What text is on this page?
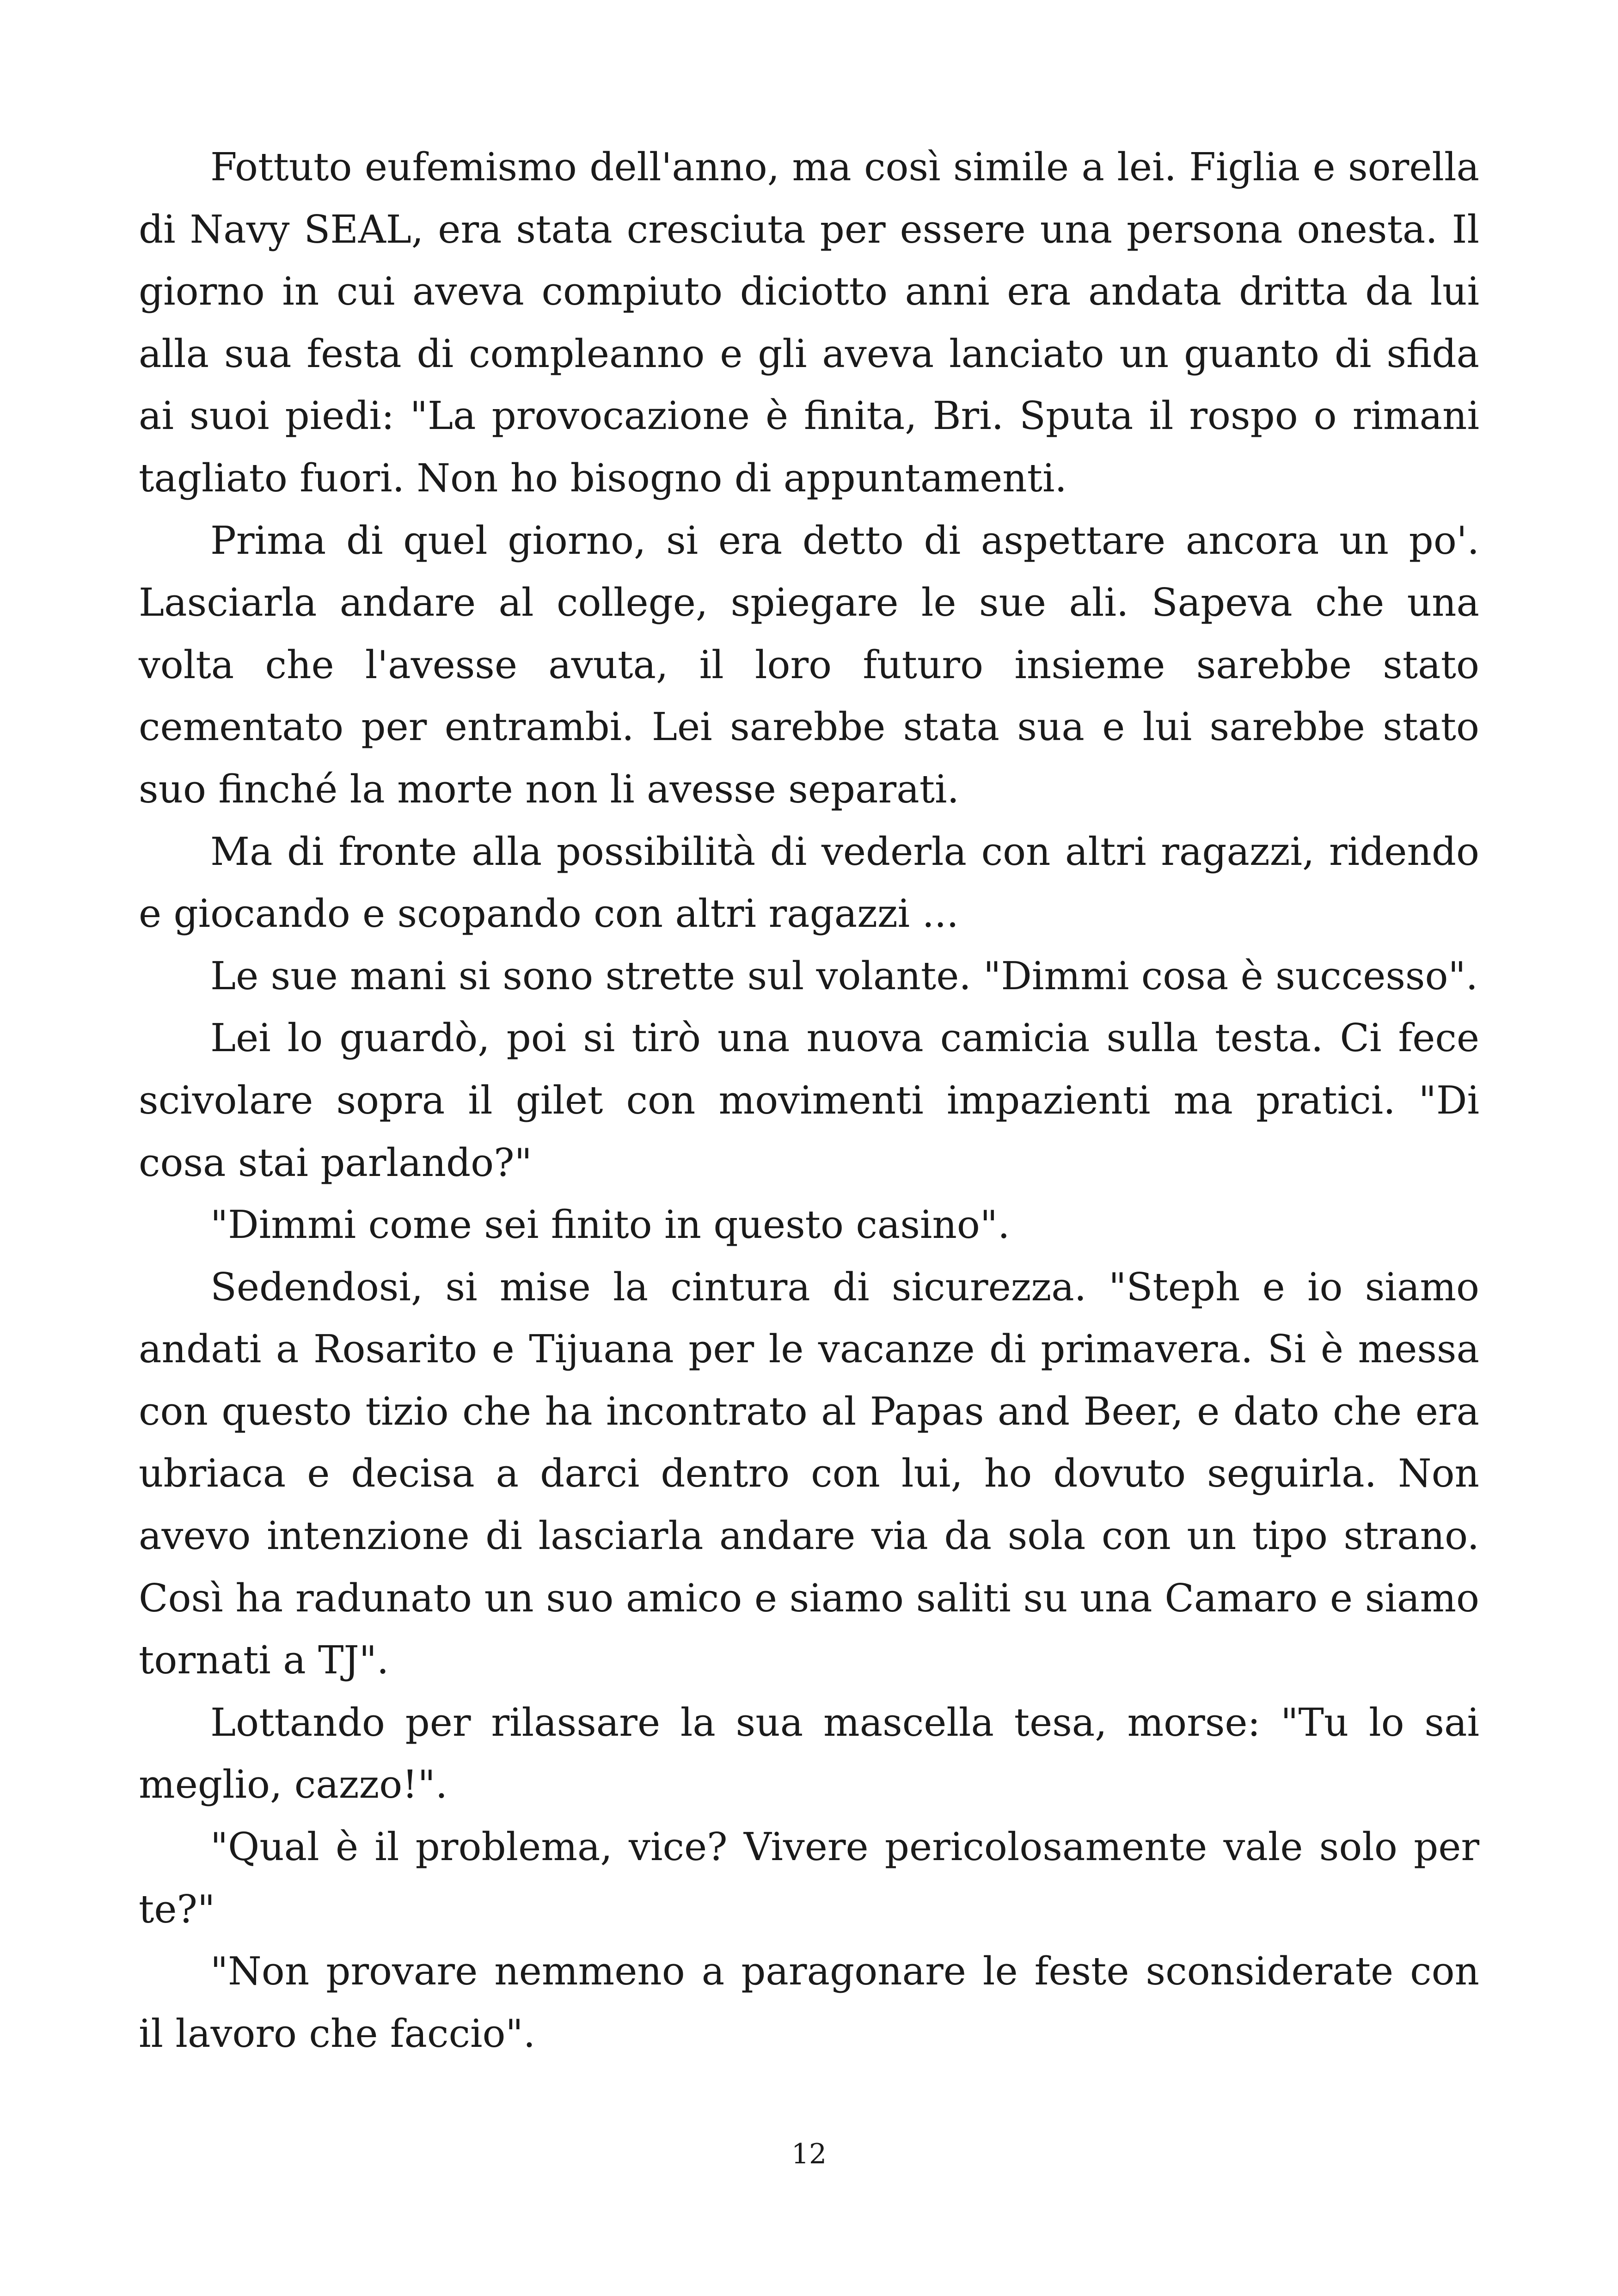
Fottuto eufemismo dell'anno, ma così simile a lei. Figlia e sorella di Navy SEAL, era stata cresciuta per essere una persona onesta. Il giorno in cui aveva compiuto diciotto anni era andata dritta da lui alla sua festa di compleanno e gli aveva lanciato un guanto di sfida ai suoi piedi: "La provocazione è finita, Bri. Sputa il rospo o rimani tagliato fuori. Non ho bisogno di appuntamenti.

Prima di quel giorno, si era detto di aspettare ancora un po'. Lasciarla andare al college, spiegare le sue ali. Sapeva che una volta che l'avesse avuta, il loro futuro insieme sarebbe stato cementato per entrambi. Lei sarebbe stata sua e lui sarebbe stato suo finché la morte non li avesse separati.

Ma di fronte alla possibilità di vederla con altri ragazzi, ridendo e giocando e scopando con altri ragazzi ...

Le sue mani si sono strette sul volante. "Dimmi cosa è successo".

Lei lo guardò, poi si tirò una nuova camicia sulla testa. Ci fece scivolare sopra il gilet con movimenti impazienti ma pratici. "Di cosa stai parlando?"

"Dimmi come sei finito in questo casino".

Sedendosi, si mise la cintura di sicurezza. "Steph e io siamo andati a Rosarito e Tijuana per le vacanze di primavera. Si è messa con questo tizio che ha incontrato al Papas and Beer, e dato che era ubriaca e decisa a darci dentro con lui, ho dovuto seguirla. Non avevo intenzione di lasciarla andare via da sola con un tipo strano. Così ha radunato un suo amico e siamo saliti su una Camaro e siamo tornati a TJ".

Lottando per rilassare la sua mascella tesa, morse: "Tu lo sai meglio, cazzo!".

"Qual è il problema, vice? Vivere pericolosamente vale solo per te?"

"Non provare nemmeno a paragonare le feste sconsiderate con il lavoro che faccio".

12
